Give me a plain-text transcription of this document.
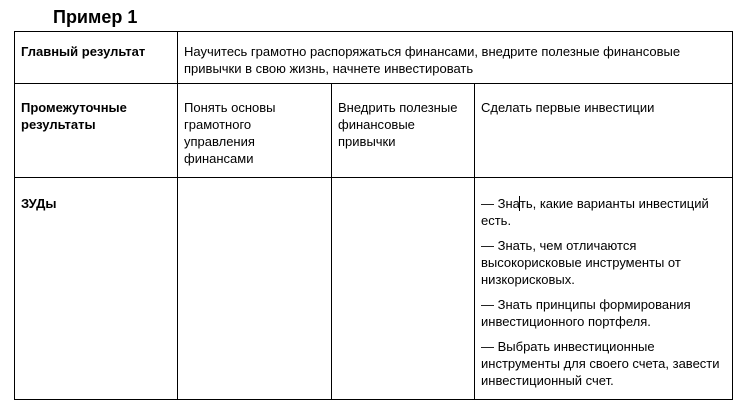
Пример 1
Главный результат	Научитесь грамотно распоряжаться финансами, внедрите полезные финансовые привычки в свою жизнь, начнете инвестировать		
Промежуточные результаты	Понять основы грамотного управления финансами	Внедрить полезные финансовые привычки	Сделать первые инвестиции
ЗУДы			— Знать, какие варианты инвестиций есть.
— Знать, чем отличаются высокорисковые инструменты от низкорисковых.
— Знать принципы формирования инвестиционного портфеля.
— Выбрать инвестиционные инструменты для своего счета, завести инвестиционный счет.
